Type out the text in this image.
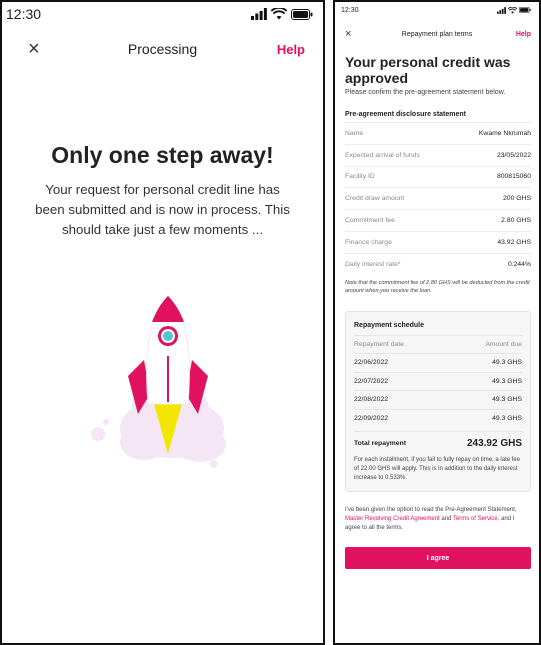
12:30
×	Processing	Help
Only one step away!
Your request for personal credit line has been submitted and is now in process. This should take just a few moments ...
12:30
×	Repayment plan terms	Help
Your personal credit was approved
Please confirm the pre-agreement statement below.
Pre-agreement disclosure statement
Name	Kwame Nkrumah
Expected arrival of funds	23/05/2022
Facility ID	800815060
Credit draw amount	200 GHS
Commitment fee	2.80 GHS
Finance charge	43.92 GHS
Daily interest rate*	0.244%
Note that the commitment fee of 2.80 GHS will be deducted from the credit amount when you receive the loan.
Repayment schedule
Repayment date	Amount due
22/06/2022	49.3 GHS
22/07/2022	49.3 GHS
22/08/2022	49.3 GHS
22/09/2022	49.3 GHS
Total repayment	243.92 GHS
For each installment, if you fail to fully repay on time, a late fee of 22.00 GHS will apply. This is in addition to the daily interest increase to 0.533%.
I've been given the option to read the Pre-Agreement Statement, Master Revolving Credit Agreement and Terms of Service, and I agree to all the terms.
I agree
